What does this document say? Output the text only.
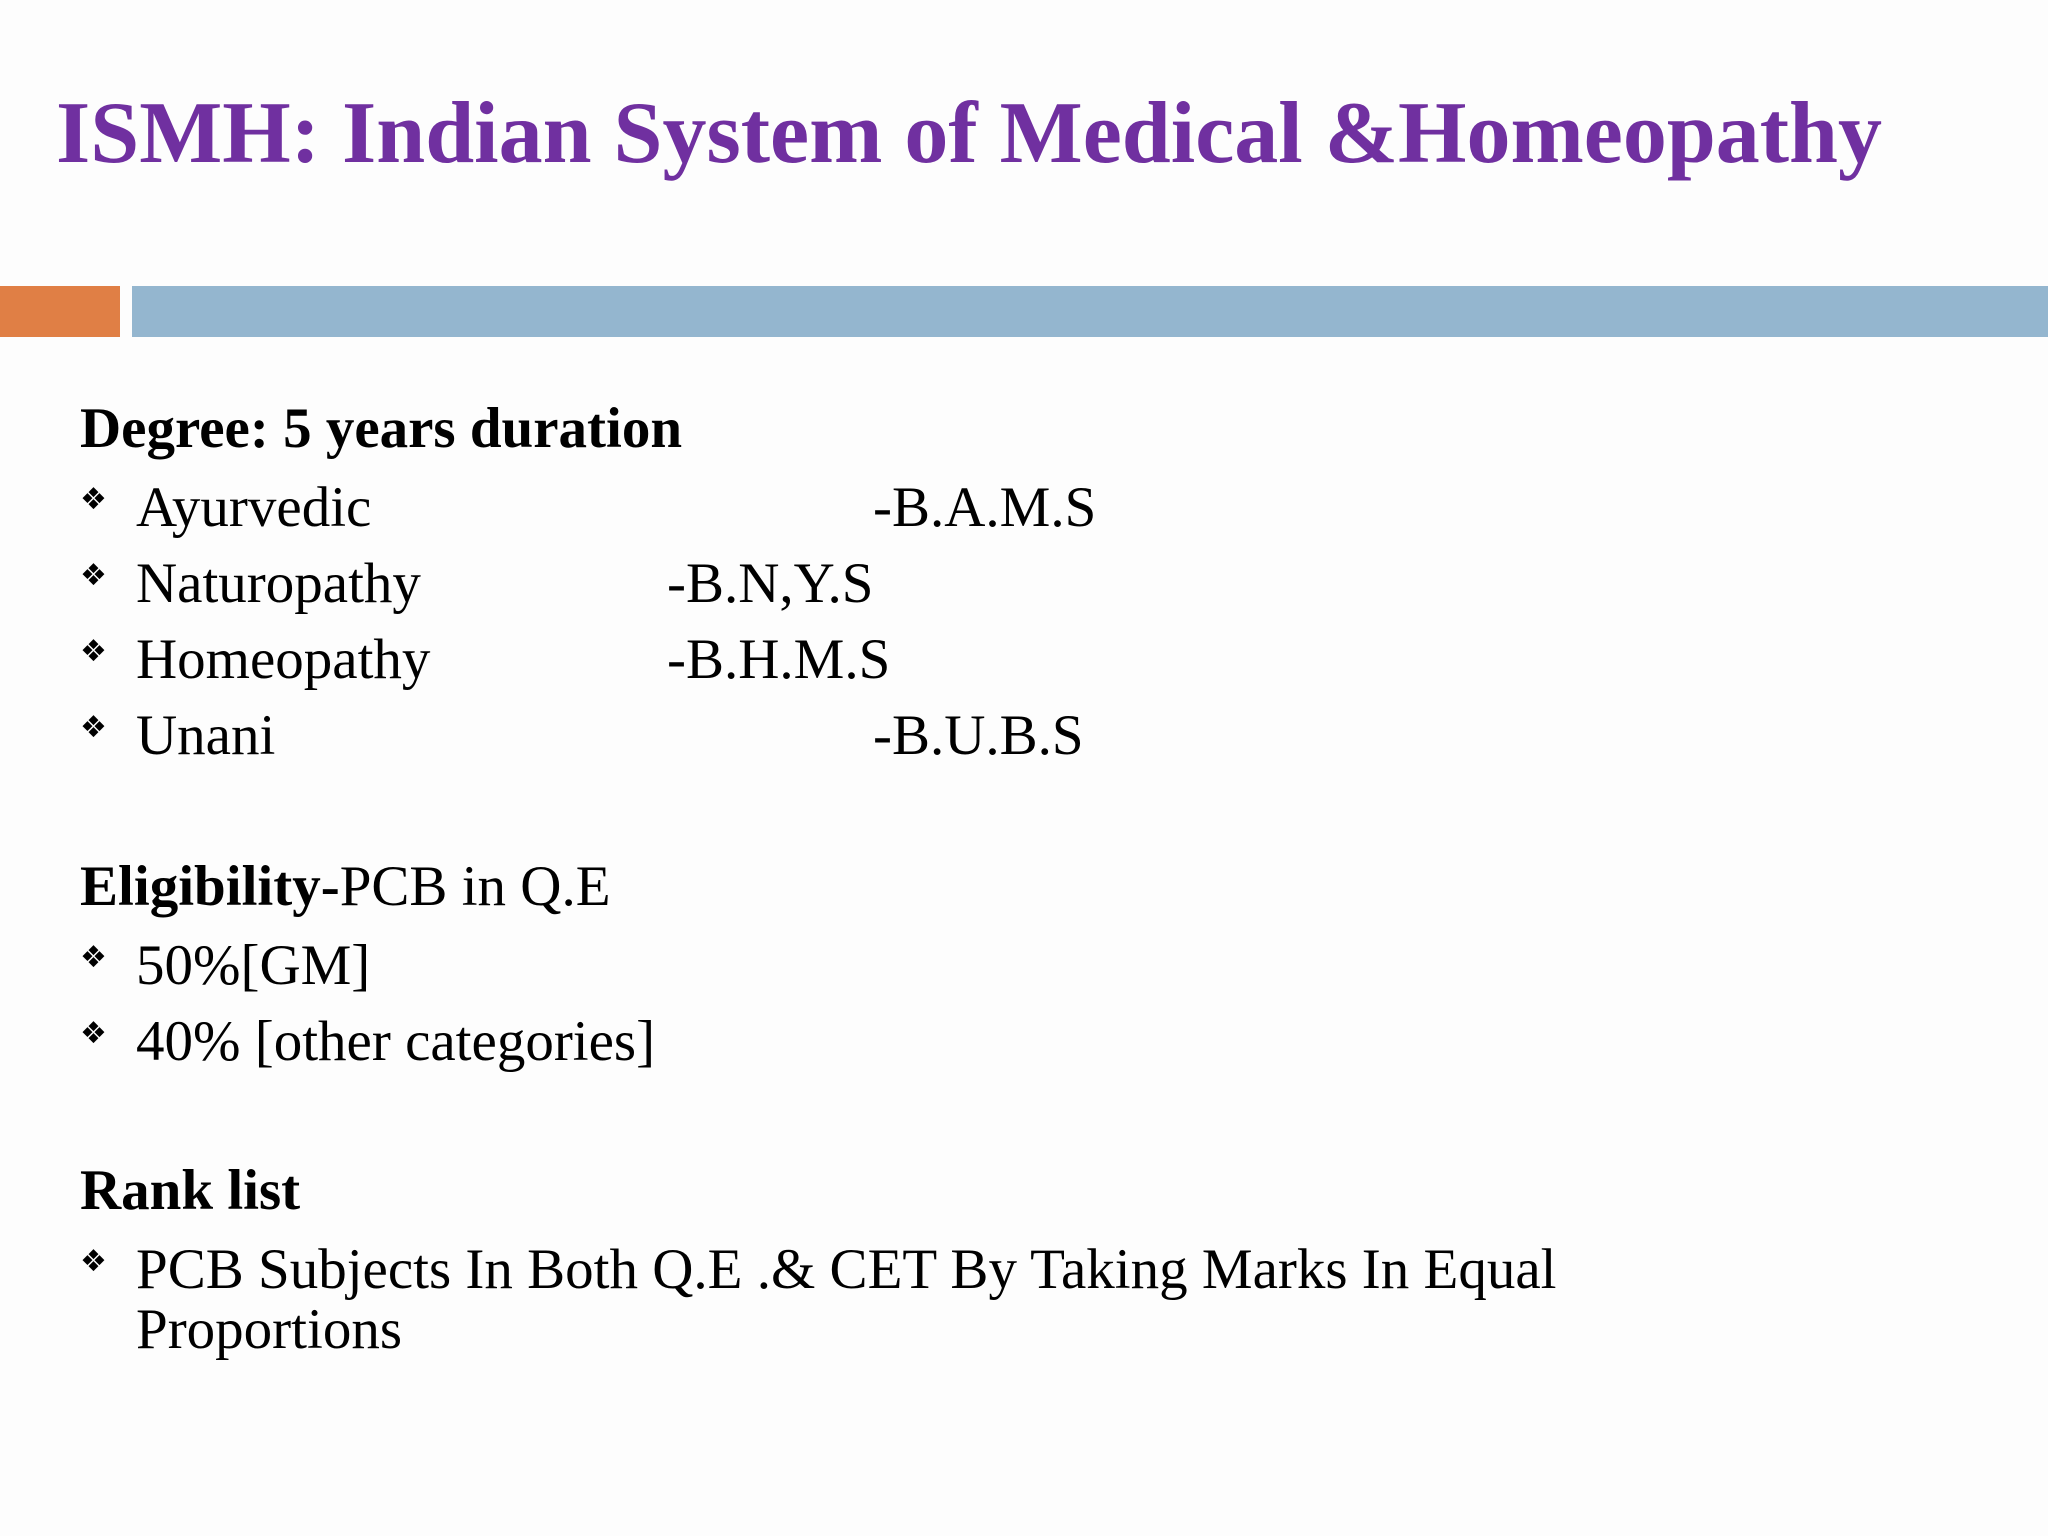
ISMH: Indian System of Medical &Homeopathy
Degree: 5 years duration
❖ Ayurvedic	-B.A.M.S
❖ Naturopathy	-B.N,Y.S
❖ Homeopathy	-B.H.M.S
❖ Unani	-B.U.B.S
Eligibility-PCB in Q.E
❖ 50%[GM]
❖ 40% [other categories]
Rank list
❖ PCB Subjects In Both Q.E .& CET By Taking Marks In Equal Proportions
